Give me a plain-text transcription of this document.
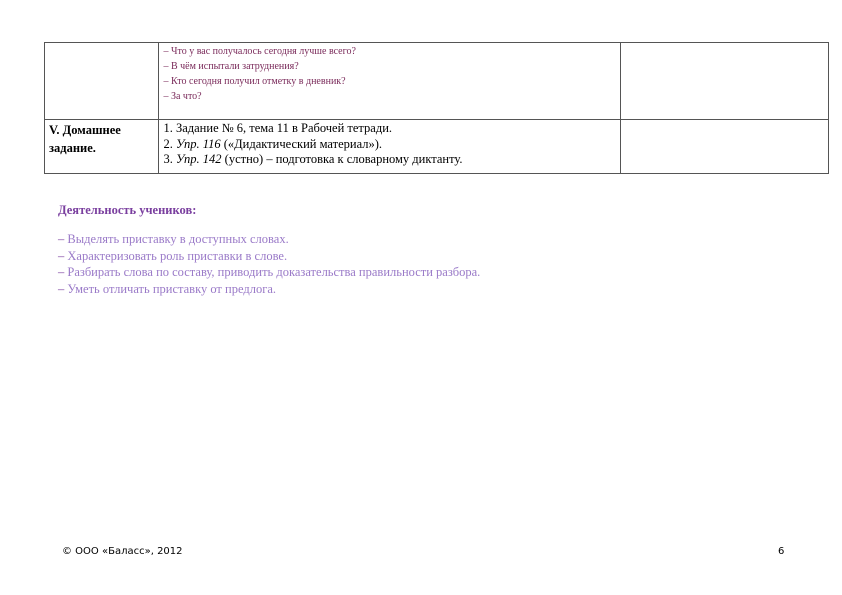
	– Что у вас получалось сегодня лучше всего?
– В чём испытали затруднения?
– Кто сегодня получил отметку в дневник?
– За что?	

V. Домашнее
задание.	1. Задание № 6, тема 11 в Рабочей тетради.
2. Упр. 116 («Дидактический материал»).
3. Упр. 142 (устно) – подготовка к словарному диктанту.	

Деятельность учеников:
– Выделять приставку в доступных словах.
– Характеризовать роль приставки в слове.
– Разбирать слова по составу, приводить доказательства правильности разбора.
– Уметь отличать приставку от предлога.
© ООО «Баласс», 2012	6
